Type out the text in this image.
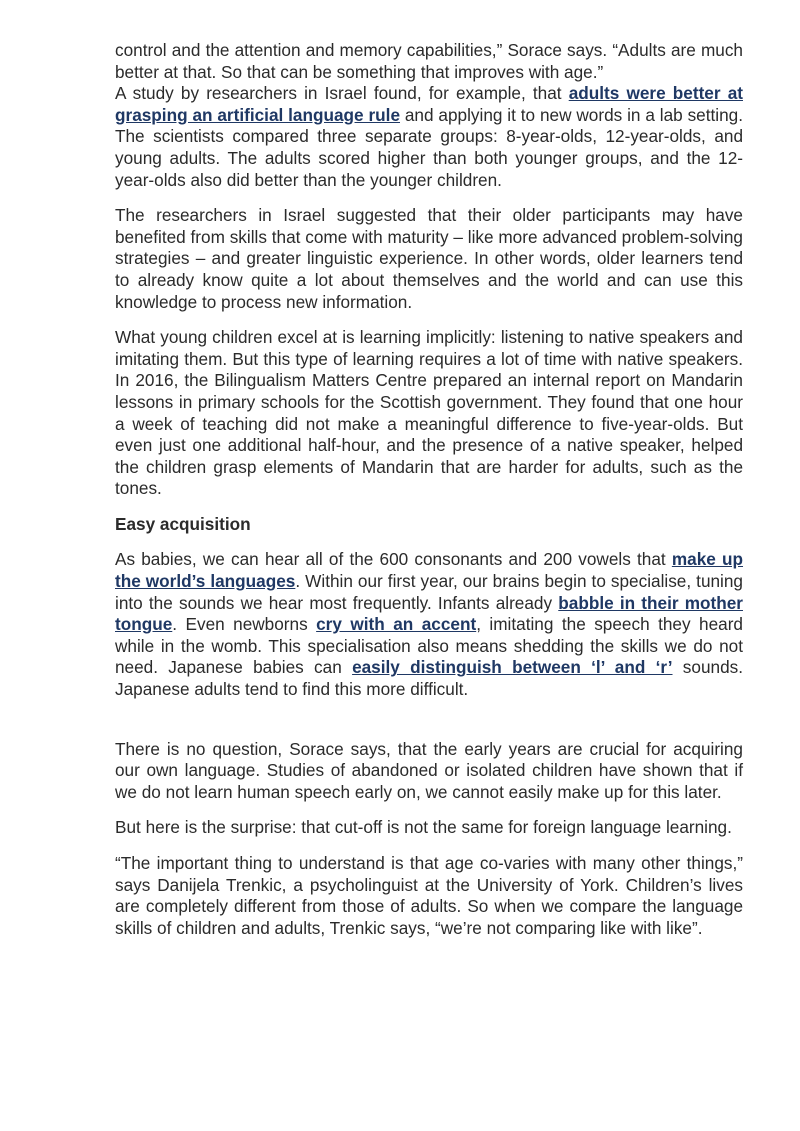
control and the attention and memory capabilities,” Sorace says. “Adults are much better at that. So that can be something that improves with age.”

A study by researchers in Israel found, for example, that adults were better at grasping an artificial language rule and applying it to new words in a lab setting. The scientists compared three separate groups: 8-year-olds, 12-year-olds, and young adults. The adults scored higher than both younger groups, and the 12-year-olds also did better than the younger children.

The researchers in Israel suggested that their older participants may have benefited from skills that come with maturity – like more advanced problem-solving strategies – and greater linguistic experience. In other words, older learners tend to already know quite a lot about themselves and the world and can use this knowledge to process new information.

What young children excel at is learning implicitly: listening to native speakers and imitating them. But this type of learning requires a lot of time with native speakers. In 2016, the Bilingualism Matters Centre prepared an internal report on Mandarin lessons in primary schools for the Scottish government. They found that one hour a week of teaching did not make a meaningful difference to five-year-olds. But even just one additional half-hour, and the presence of a native speaker, helped the children grasp elements of Mandarin that are harder for adults, such as the tones.

Easy acquisition

As babies, we can hear all of the 600 consonants and 200 vowels that make up the world’s languages. Within our first year, our brains begin to specialise, tuning into the sounds we hear most frequently. Infants already babble in their mother tongue. Even newborns cry with an accent, imitating the speech they heard while in the womb. This specialisation also means shedding the skills we do not need. Japanese babies can easily distinguish between ‘l’ and ‘r’ sounds. Japanese adults tend to find this more difficult.

There is no question, Sorace says, that the early years are crucial for acquiring our own language. Studies of abandoned or isolated children have shown that if we do not learn human speech early on, we cannot easily make up for this later.

But here is the surprise: that cut-off is not the same for foreign language learning.

“The important thing to understand is that age co-varies with many other things,” says Danijela Trenkic, a psycholinguist at the University of York. Children’s lives are completely different from those of adults. So when we compare the language skills of children and adults, Trenkic says, “we’re not comparing like with like”.
